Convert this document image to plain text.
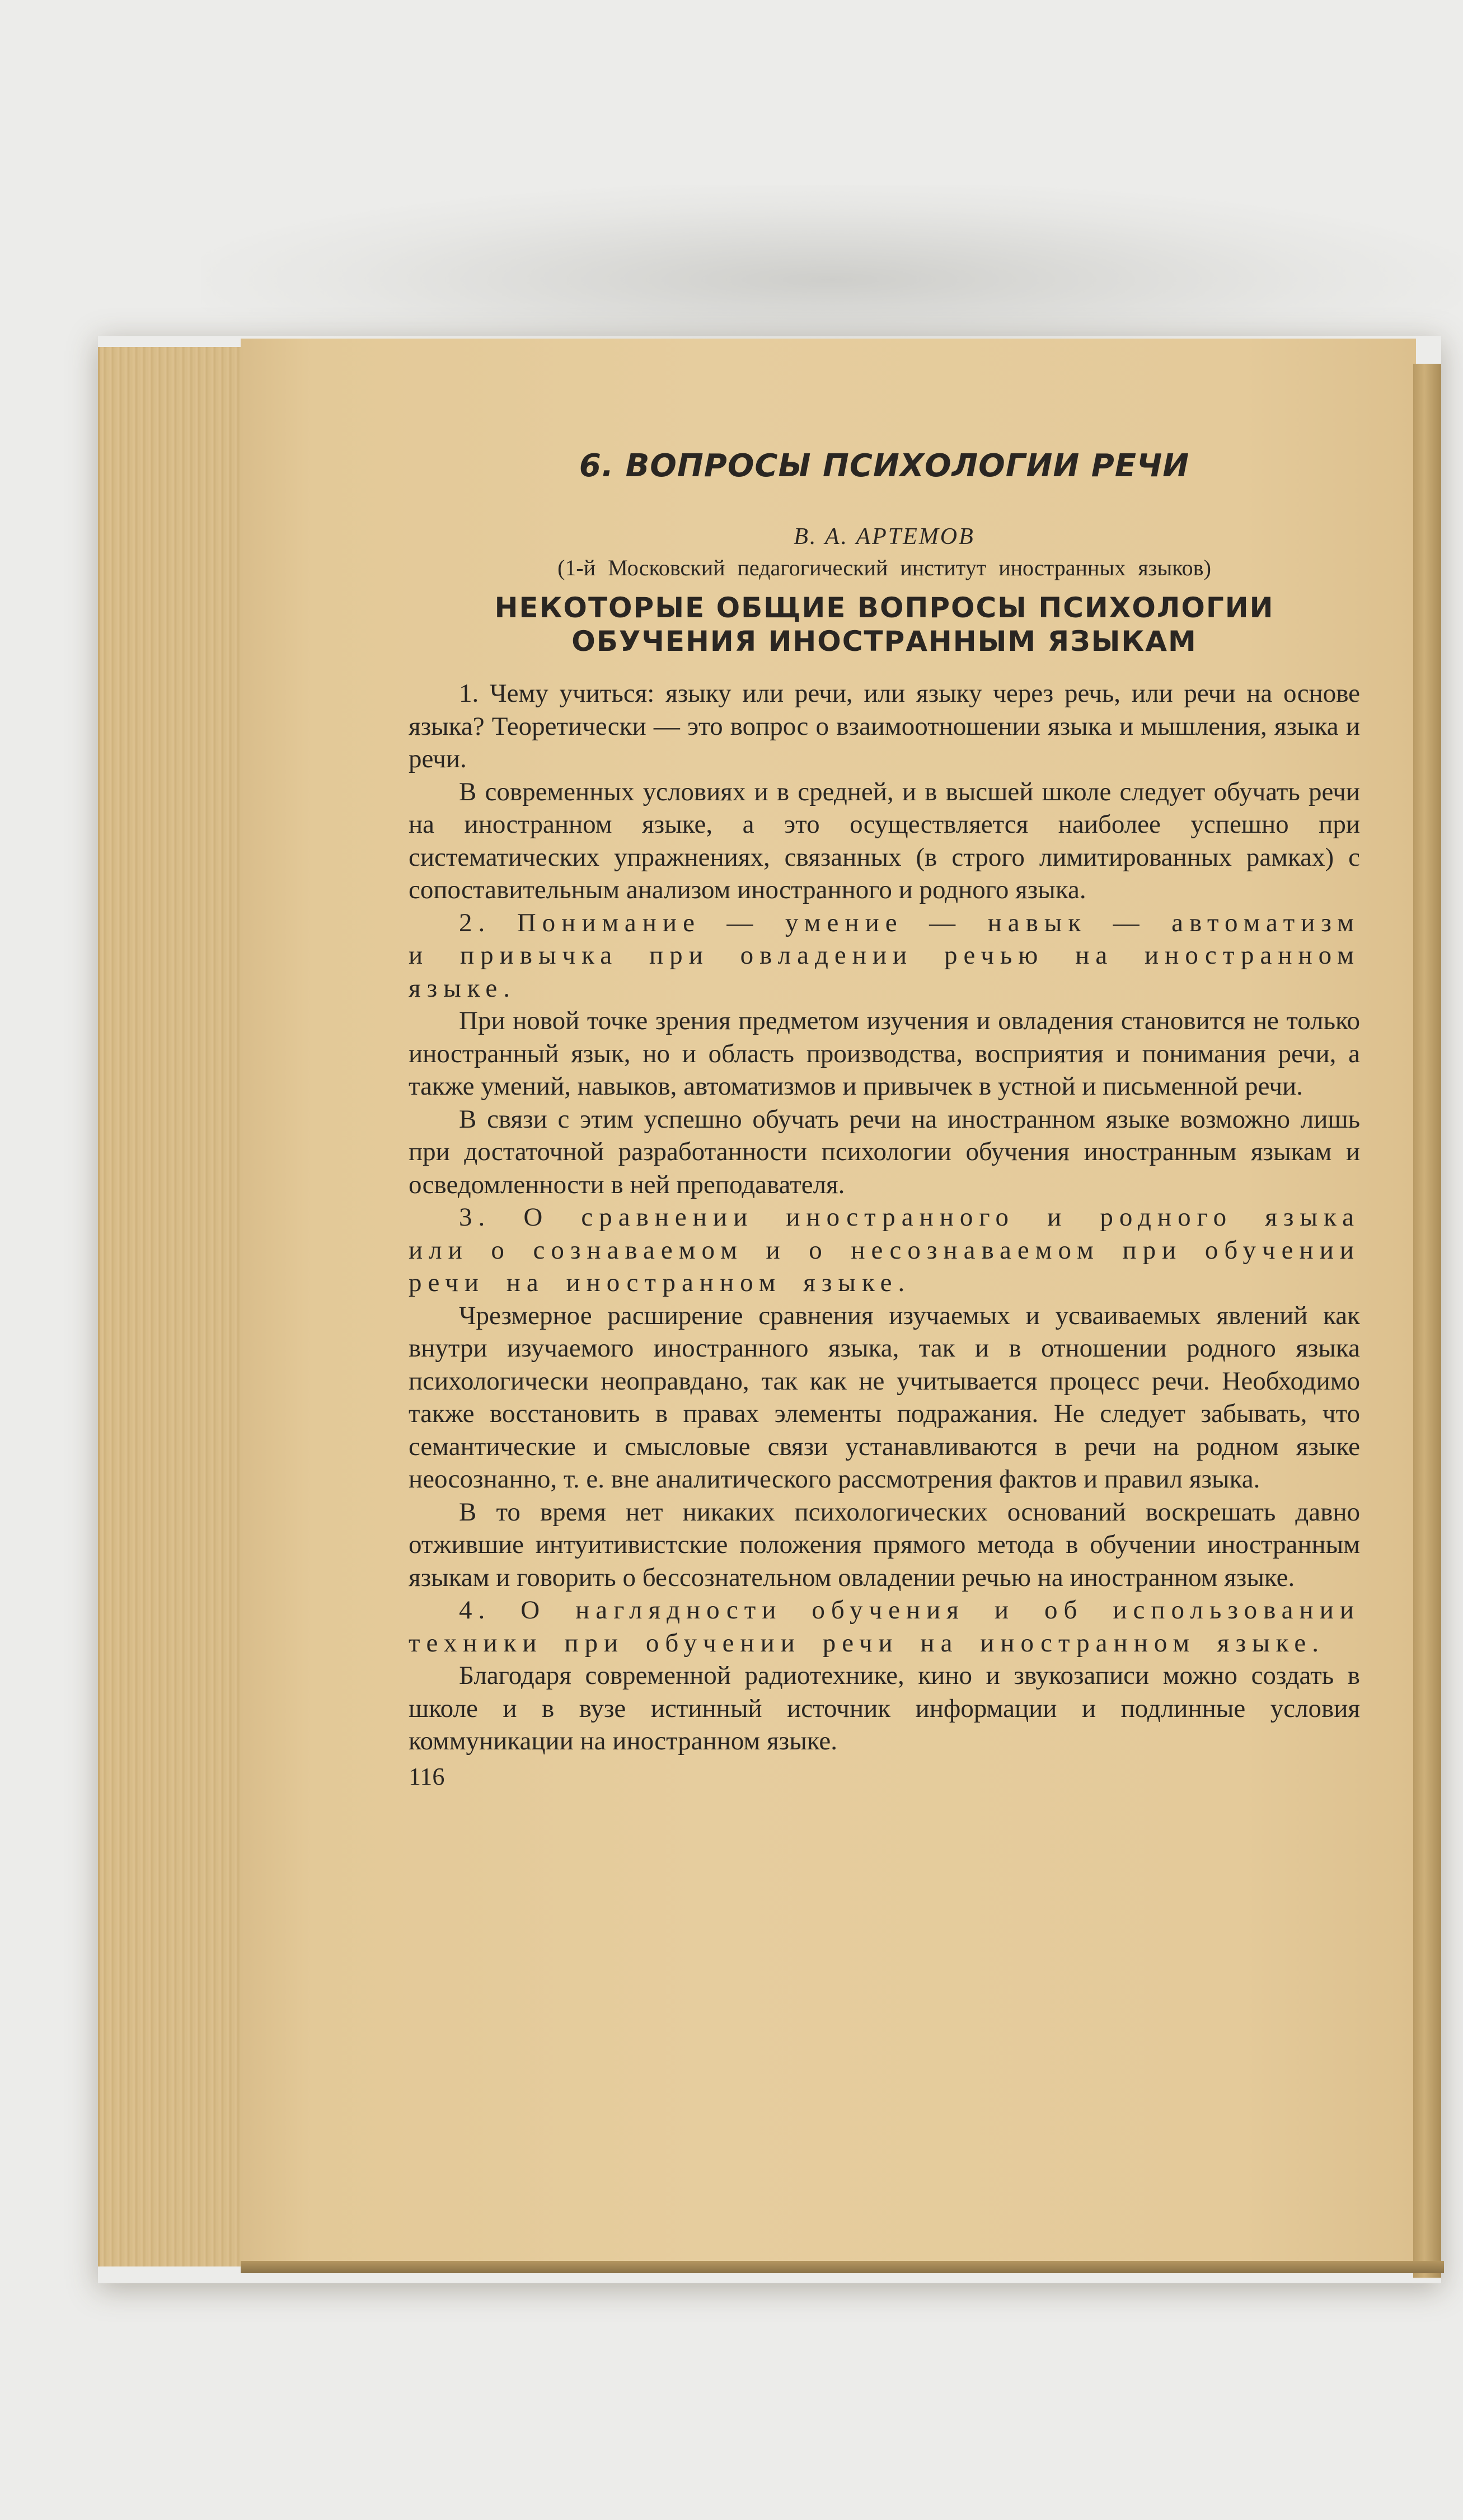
6. ВОПРОСЫ ПСИХОЛОГИИ РЕЧИ
В. А. АРТЕМОВ
(1-й Московский педагогический институт иностранных языков)
НЕКОТОРЫЕ ОБЩИЕ ВОПРОСЫ ПСИХОЛОГИИ
ОБУЧЕНИЯ ИНОСТРАННЫМ ЯЗЫКАМ

1. Чему учиться: языку или речи, или языку через речь, или речи на основе языка? Теоретически — это вопрос о взаимоотношении языка и мышления, языка и речи.

В современных условиях и в средней, и в высшей школе следует обучать речи на иностранном языке, а это осуществляется наиболее успешно при систематических упражнениях, связанных (в строго лимитированных рамках) с сопоставительным анализом иностранного и родного языка.

2. Понимание — умение — навык — автоматизм и привычка при овладении речью на иностранном языке.

При новой точке зрения предметом изучения и овладения становится не только иностранный язык, но и область производства, восприятия и понимания речи, а также умений, навыков, автоматизмов и привычек в устной и письменной речи.

В связи с этим успешно обучать речи на иностранном языке возможно лишь при достаточной разработанности психологии обучения иностранным языкам и осведомленности в ней преподавателя.

3. О сравнении иностранного и родного языка или о сознаваемом и о несознаваемом при обучении речи на иностранном языке.

Чрезмерное расширение сравнения изучаемых и усваиваемых явлений как внутри изучаемого иностранного языка, так и в отношении родного языка психологически неоправдано, так как не учитывается процесс речи. Необходимо также восстановить в правах элементы подражания. Не следует забывать, что семантические и смысловые связи устанавливаются в речи на родном языке неосознанно, т. е. вне аналитического рассмотрения фактов и правил языка.

В то время нет никаких психологических оснований воскрешать давно отжившие интуитивистские положения прямого метода в обучении иностранным языкам и говорить о бессознательном овладении речью на иностранном языке.

4. О наглядности обучения и об использовании техники при обучении речи на иностранном языке.

Благодаря современной радиотехнике, кино и звукозаписи можно создать в школе и в вузе истинный источник информации и подлинные условия коммуникации на иностранном языке.

116
